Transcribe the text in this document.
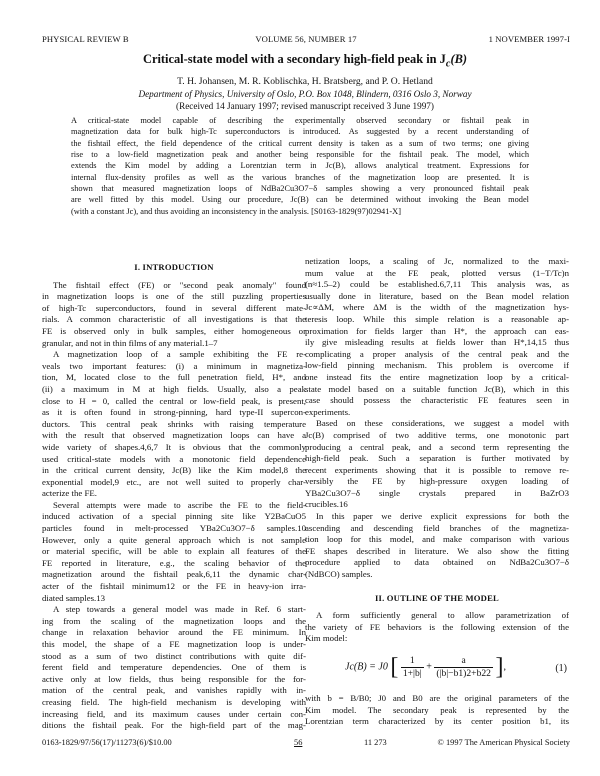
PHYSICAL REVIEW B	VOLUME 56, NUMBER 17	1 NOVEMBER 1997-I
Critical-state model with a secondary high-field peak in $J_c(B)$
T. H. Johansen, M. R. Koblischka, H. Bratsberg, and P. O. Hetland
Department of Physics, University of Oslo, P.O. Box 1048, Blindern, 0316 Oslo 3, Norway
(Received 14 January 1997; revised manuscript received 3 June 1997)
A critical-state model capable of describing the experimentally observed secondary or fishtail peak in
magnetization data for bulk high-Tc superconductors is introduced. As suggested by a recent understanding of
the fishtail effect, the field dependence of the critical current density is taken as a sum of two terms; one giving
rise to a low-field magnetization peak and another being responsible for the fishtail peak. The model, which
extends the Kim model by adding a Lorentzian term in Jc(B), allows analytical treatment. Expressions for
internal flux-density profiles as well as the various branches of the magnetization loop are presented. It is
shown that measured magnetization loops of NdBa2Cu3O7−δ samples showing a very pronounced fishtail peak
are well fitted by this model. Using our procedure, Jc(B) can be determined without invoking the Bean model
(with a constant Jc), and thus avoiding an inconsistency in the analysis. [S0163-1829(97)02941-X]
I. INTRODUCTION
The fishtail effect (FE) or "second peak anomaly" found
in magnetization loops is one of the still puzzling properties
of high-Tc superconductors, found in several different mate-
rials. A common characteristic of all investigations is that the
FE is observed only in bulk samples, either homogeneous or
granular, and not in thin films of any material.1–7
A magnetization loop of a sample exhibiting the FE re-
veals two important features: (i) a minimum in magnetiza-
tion, M, located close to the full penetration field, H*, and
(ii) a maximum in M at high fields. Usually, also a peak
close to H = 0, called the central or low-field peak, is present,
as it is often found in strong-pinning, hard type-II supercon-
ductors. This central peak shrinks with raising temperature
with the result that observed magnetization loops can have a
wide variety of shapes.4,6,7 It is obvious that the commonly
used critical-state models with a monotonic field dependence
in the critical current density, Jc(B) like the Kim model,8 the
exponential model,9 etc., are not well suited to properly char-
acterize the FE.
Several attempts were made to ascribe the FE to the field-
induced activation of a special pinning site like Y2BaCuO5
particles found in melt-processed YBa2Cu3O7−δ samples.10
However, only a quite general approach which is not sample
or material specific, will be able to explain all features of the
FE reported in literature, e.g., the scaling behavior of the
magnetization around the fishtail peak,6,11 the dynamic char-
acter of the fishtail minimum12 or the FE in heavy-ion irra-
diated samples.13
A step towards a general model was made in Ref. 6 start-
ing from the scaling of the magnetization loops and the
change in relaxation behavior around the FE minimum. In
this model, the shape of a FE magnetization loop is under-
stood as a sum of two distinct contributions with quite dif-
ferent field and temperature dependencies. One of them is
active only at low fields, thus being responsible for the for-
mation of the central peak, and vanishes rapidly with in-
creasing field. The high-field mechanism is developing with
increasing field, and its maximum causes under certain con-
ditions the fishtail peak. For the high-field part of the mag-
netization loops, a scaling of Jc, normalized to the maxi-
mum value at the FE peak, plotted versus (1−T/Tc)n
(n≈1.5–2) could be established.6,7,11 This analysis was, as
usually done in literature, based on the Bean model relation
Jc∝ΔM, where ΔM is the width of the magnetization hys-
teresis loop. While this simple relation is a reasonable ap-
proximation for fields larger than H*, the approach can eas-
ily give misleading results at fields lower than H*,14,15 thus
complicating a proper analysis of the central peak and the
low-field pinning mechanism. This problem is overcome if
one instead fits the entire magnetization loop by a critical-
state model based on a suitable function Jc(B), which in this
case should possess the characteristic FE features seen in
experiments.
Based on these considerations, we suggest a model with
Jc(B) comprised of two additive terms, one monotonic part
producing a central peak, and a second term representing the
high-field peak. Such a separation is further motivated by
recent experiments showing that it is possible to remove re-
versibly the FE by high-pressure oxygen loading of
YBa2Cu3O7−δ single crystals prepared in BaZrO3
crucibles.16
In this paper we derive explicit expressions for both the
ascending and descending field branches of the magnetiza-
tion loop for this model, and make comparison with various
FE shapes described in literature. We also show the fitting
procedure applied to data obtained on NdBa2Cu3O7−δ
(NdBCO) samples.
II. OUTLINE OF THE MODEL
A form sufficiently general to allow parametrization of
the variety of FE behaviors is the following extension of the
Kim model:
Jc(B) = J0 [ $\frac{1}{1+|b|} + \frac{a}{(|b|-b1)2+b22}$ ],	(1)
with b = B/B0; J0 and B0 are the original parameters of the
Kim model. The secondary peak is represented by the
Lorentzian term characterized by its center position b1, its
0163-1829/97/56(17)/11273(6)/$10.00	56	11 273	© 1997 The American Physical Society
